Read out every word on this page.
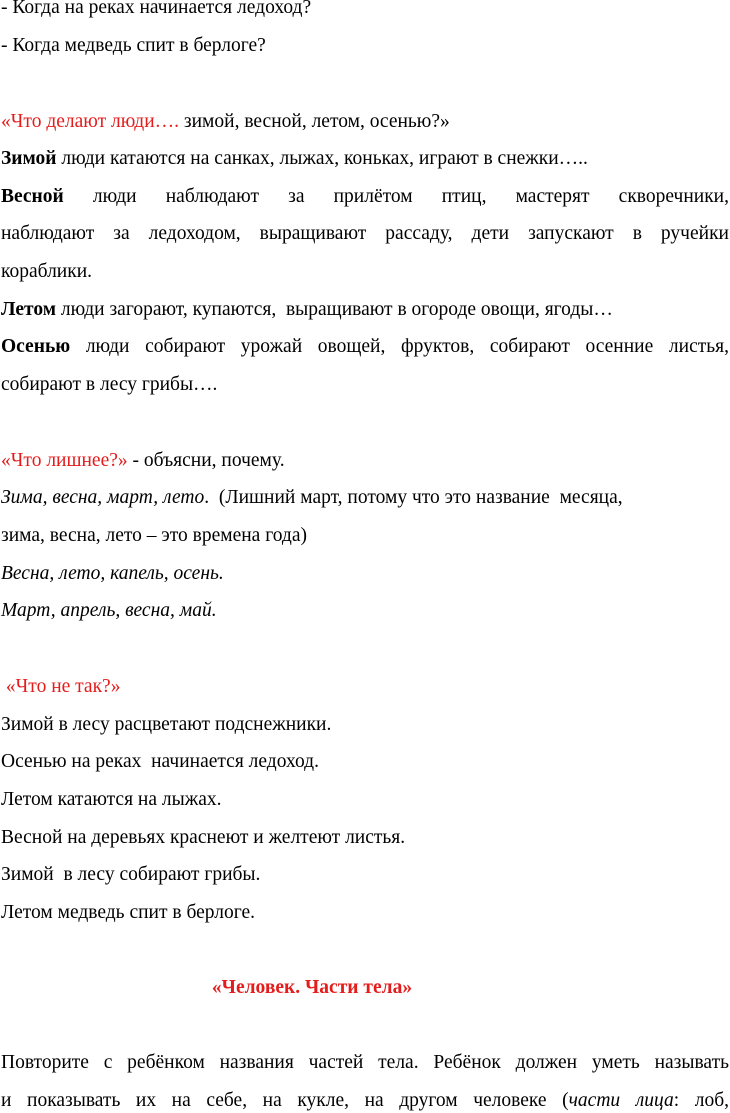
- Когда на реках начинается ледоход?
- Когда медведь спит в берлоге?
«Что делают люди…. зимой, весной, летом, осенью?»
Зимой люди катаются на санках, лыжах, коньках, играют в снежки…..
Весной люди наблюдают за прилётом птиц, мастерят скворечники,
наблюдают за ледоходом, выращивают рассаду, дети запускают в ручейки
кораблики.
Летом люди загорают, купаются,  выращивают в огороде овощи, ягоды…
Осенью люди собирают урожай овощей, фруктов, собирают осенние листья,
собирают в лесу грибы….
«Что лишнее?» - объясни, почему.
Зима, весна, март, лето.  (Лишний март, потому что это название  месяца,
зима, весна, лето – это времена года)
Весна, лето, капель, осень.
Март, апрель, весна, май.
«Что не так?»
Зимой в лесу расцветают подснежники.
Осенью на реках  начинается ледоход.
Летом катаются на лыжах.
Весной на деревьях краснеют и желтеют листья.
Зимой  в лесу собирают грибы.
Летом медведь спит в берлоге.
«Человек. Части тела»
Повторите с ребёнком названия частей тела. Ребёнок должен уметь называть
и показывать их на себе, на кукле, на другом человеке (части лица: лоб,
